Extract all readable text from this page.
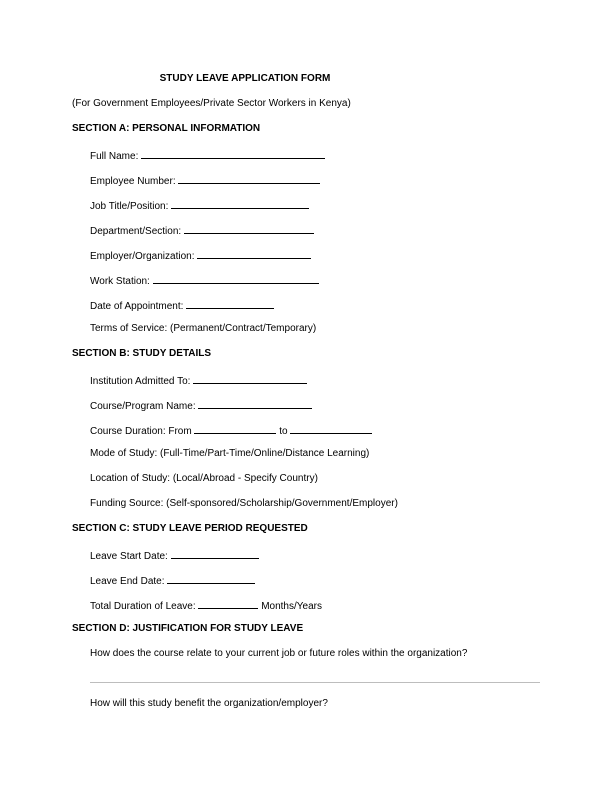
STUDY LEAVE APPLICATION FORM
(For Government Employees/Private Sector Workers in Kenya)
SECTION A: PERSONAL INFORMATION
Full Name:
Employee Number:
Job Title/Position:
Department/Section:
Employer/Organization:
Work Station:
Date of Appointment:
Terms of Service: (Permanent/Contract/Temporary)
SECTION B: STUDY DETAILS
Institution Admitted To:
Course/Program Name:
Course Duration: From	to
Mode of Study: (Full-Time/Part-Time/Online/Distance Learning)
Location of Study: (Local/Abroad - Specify Country)
Funding Source: (Self-sponsored/Scholarship/Government/Employer)
SECTION C: STUDY LEAVE PERIOD REQUESTED
Leave Start Date:
Leave End Date:
Total Duration of Leave:	Months/Years
SECTION D: JUSTIFICATION FOR STUDY LEAVE
How does the course relate to your current job or future roles within the organization?
How will this study benefit the organization/employer?
